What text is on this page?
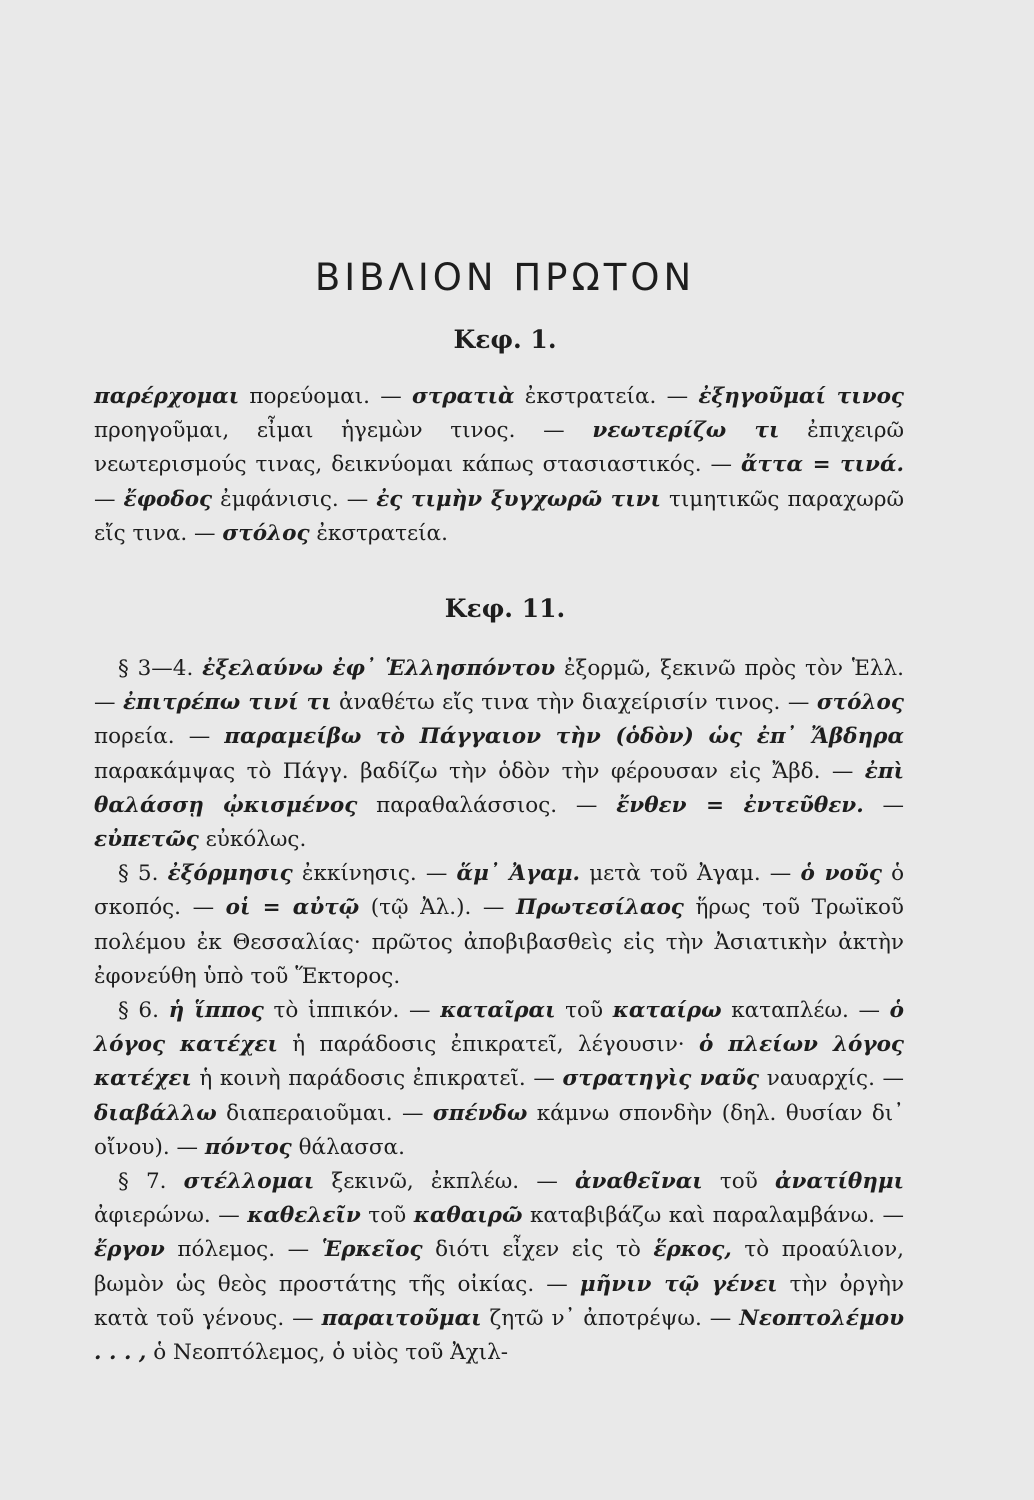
ΒΙΒΛΙΟΝ ΠΡΩΤΟΝ
Κεφ. 1.

παρέρχομαι πορεύομαι. — στρατιὰ ἐκστρατεία. — ἐξηγοῦμαί τινος προηγοῦμαι, εἶμαι ἡγεμὼν τινος. — νεωτερίζω τι ἐπιχειρῶ νεωτερισμούς τινας, δεικνύομαι κάπως στασιαστικός. — ἄττα = τινά. — ἔφοδος ἐμφάνισις. — ἐς τιμὴν ξυγχωρῶ τινι τιμητικῶς παραχωρῶ εἴς τινα. — στόλος ἐκστρατεία.

Κεφ. 11.

§ 3—4. ἐξελαύνω ἐφ᾽ Ἑλλησπόντου ἐξορμῶ, ξεκινῶ πρὸς τὸν Ἑλλ. — ἐπιτρέπω τινί τι ἀναθέτω εἴς τινα τὴν διαχείρισίν τινος. — στόλος πορεία. — παραμείβω τὸ Πάγγαιον τὴν (ὁδὸν) ὡς ἐπ᾽ Ἄβδηρα παρακάμψας τὸ Πάγγ. βαδίζω τὴν ὁδὸν τὴν φέρουσαν εἰς Ἄβδ. — ἐπὶ θαλάσσῃ ᾠκισμένος παραθαλάσσιος. — ἔνθεν = ἐντεῦθεν. — εὐπετῶς εὐκόλως.

§ 5. ἐξόρμησις ἐκκίνησις. — ἅμ᾽ Ἀγαμ. μετὰ τοῦ Ἀγαμ. — ὁ νοῦς ὁ σκοπός. — οἱ = αὐτῷ (τῷ Ἀλ.). — Πρωτεσίλαος ἥρως τοῦ Τρωϊκοῦ πολέμου ἐκ Θεσσαλίας· πρῶτος ἀποβιβασθεὶς εἰς τὴν Ἀσιατικὴν ἀκτὴν ἐφονεύθη ὑπὸ τοῦ Ἕκτορος.

§ 6. ἡ ἵππος τὸ ἱππικόν. — καταῖραι τοῦ καταίρω καταπλέω. — ὁ λόγος κατέχει ἡ παράδοσις ἐπικρατεῖ, λέγουσιν· ὁ πλείων λόγος κατέχει ἡ κοινὴ παράδοσις ἐπικρατεῖ. — στρατηγὶς ναῦς ναυαρχίς. — διαβάλλω διαπεραιοῦμαι. — σπένδω κάμνω σπονδὴν (δηλ. θυσίαν δι᾽ οἴνου). — πόντος θάλασσα.

§ 7. στέλλομαι ξεκινῶ, ἐκπλέω. — ἀναθεῖναι τοῦ ἀνατίθημι ἀφιερώνω. — καθελεῖν τοῦ καθαιρῶ καταβιβάζω καὶ παραλαμβάνω. — ἔργον πόλεμος. — Ἑρκεῖος διότι εἶχεν εἰς τὸ ἕρκος, τὸ προαύλιον, βωμὸν ὡς θεὸς προστάτης τῆς οἰκίας. — μῆνιν τῷ γένει τὴν ὀργὴν κατὰ τοῦ γένους. — παραιτοῦμαι ζητῶ ν᾽ ἀποτρέψω. — Νεοπτολέμου . . . , ὁ Νεοπτόλεμος, ὁ υἱὸς τοῦ Ἀχιλ-
